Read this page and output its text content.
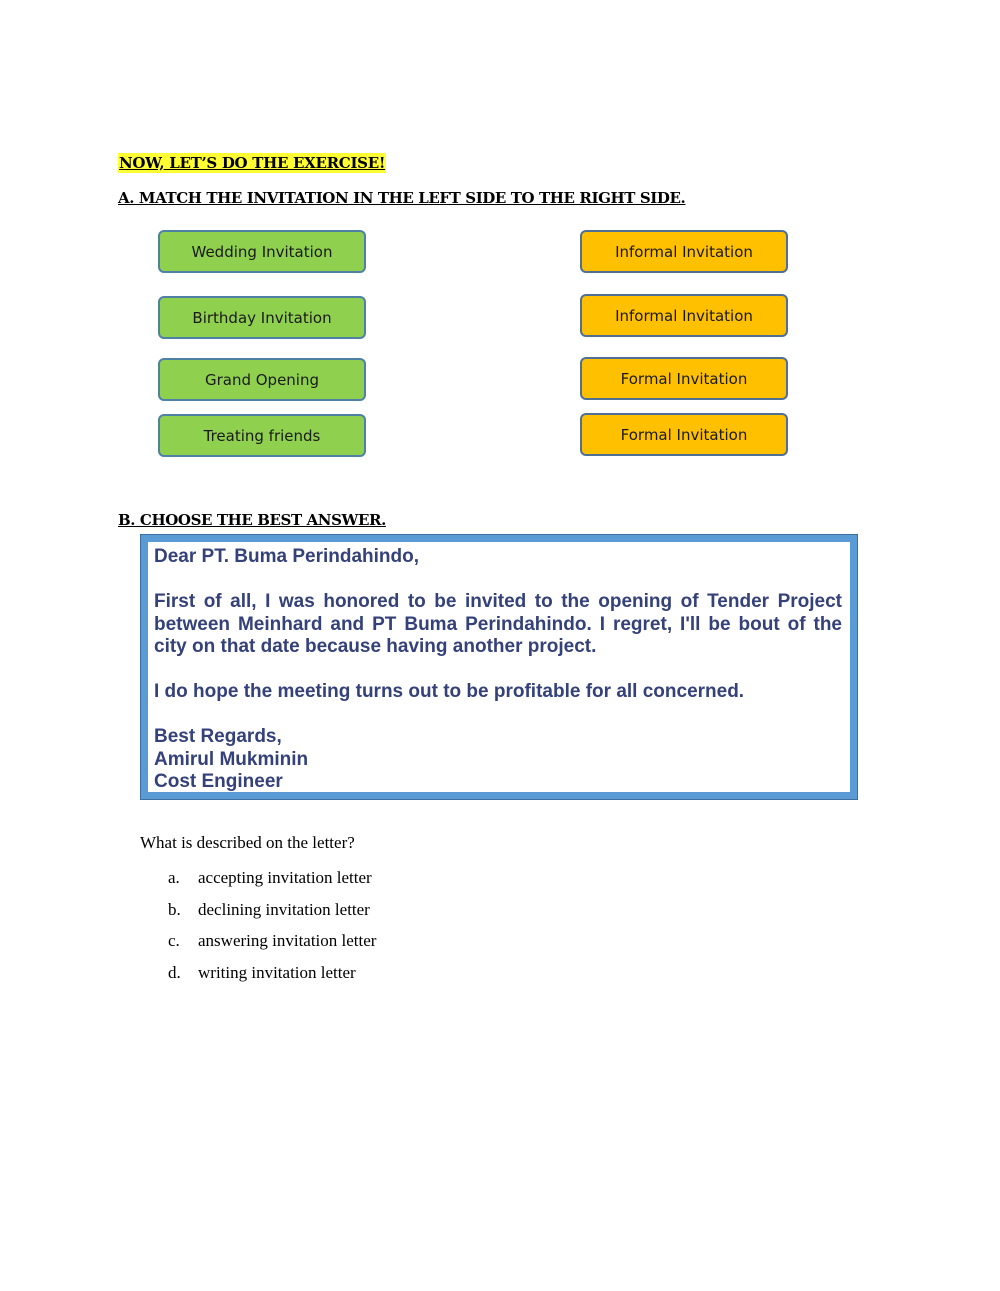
NOW, LET’S DO THE EXERCISE!
A. MATCH THE INVITATION IN THE LEFT SIDE TO THE RIGHT SIDE.
Wedding Invitation
Birthday Invitation
Grand Opening
Treating friends
Informal Invitation
Informal Invitation
Formal Invitation
Formal Invitation
B. CHOOSE THE BEST ANSWER.

Dear PT. Buma Perindahindo,

First of all, I was honored to be invited to the opening of Tender Project between Meinhard and PT Buma Perindahindo. I regret, I'll be bout of the city on that date because having another project.

I do hope the meeting turns out to be profitable for all concerned.

Best Regards,

Amirul Mukminin

Cost Engineer

What is described on the letter?
a.	accepting invitation letter
b.	declining invitation letter
c.	answering invitation letter
d.	writing invitation letter
